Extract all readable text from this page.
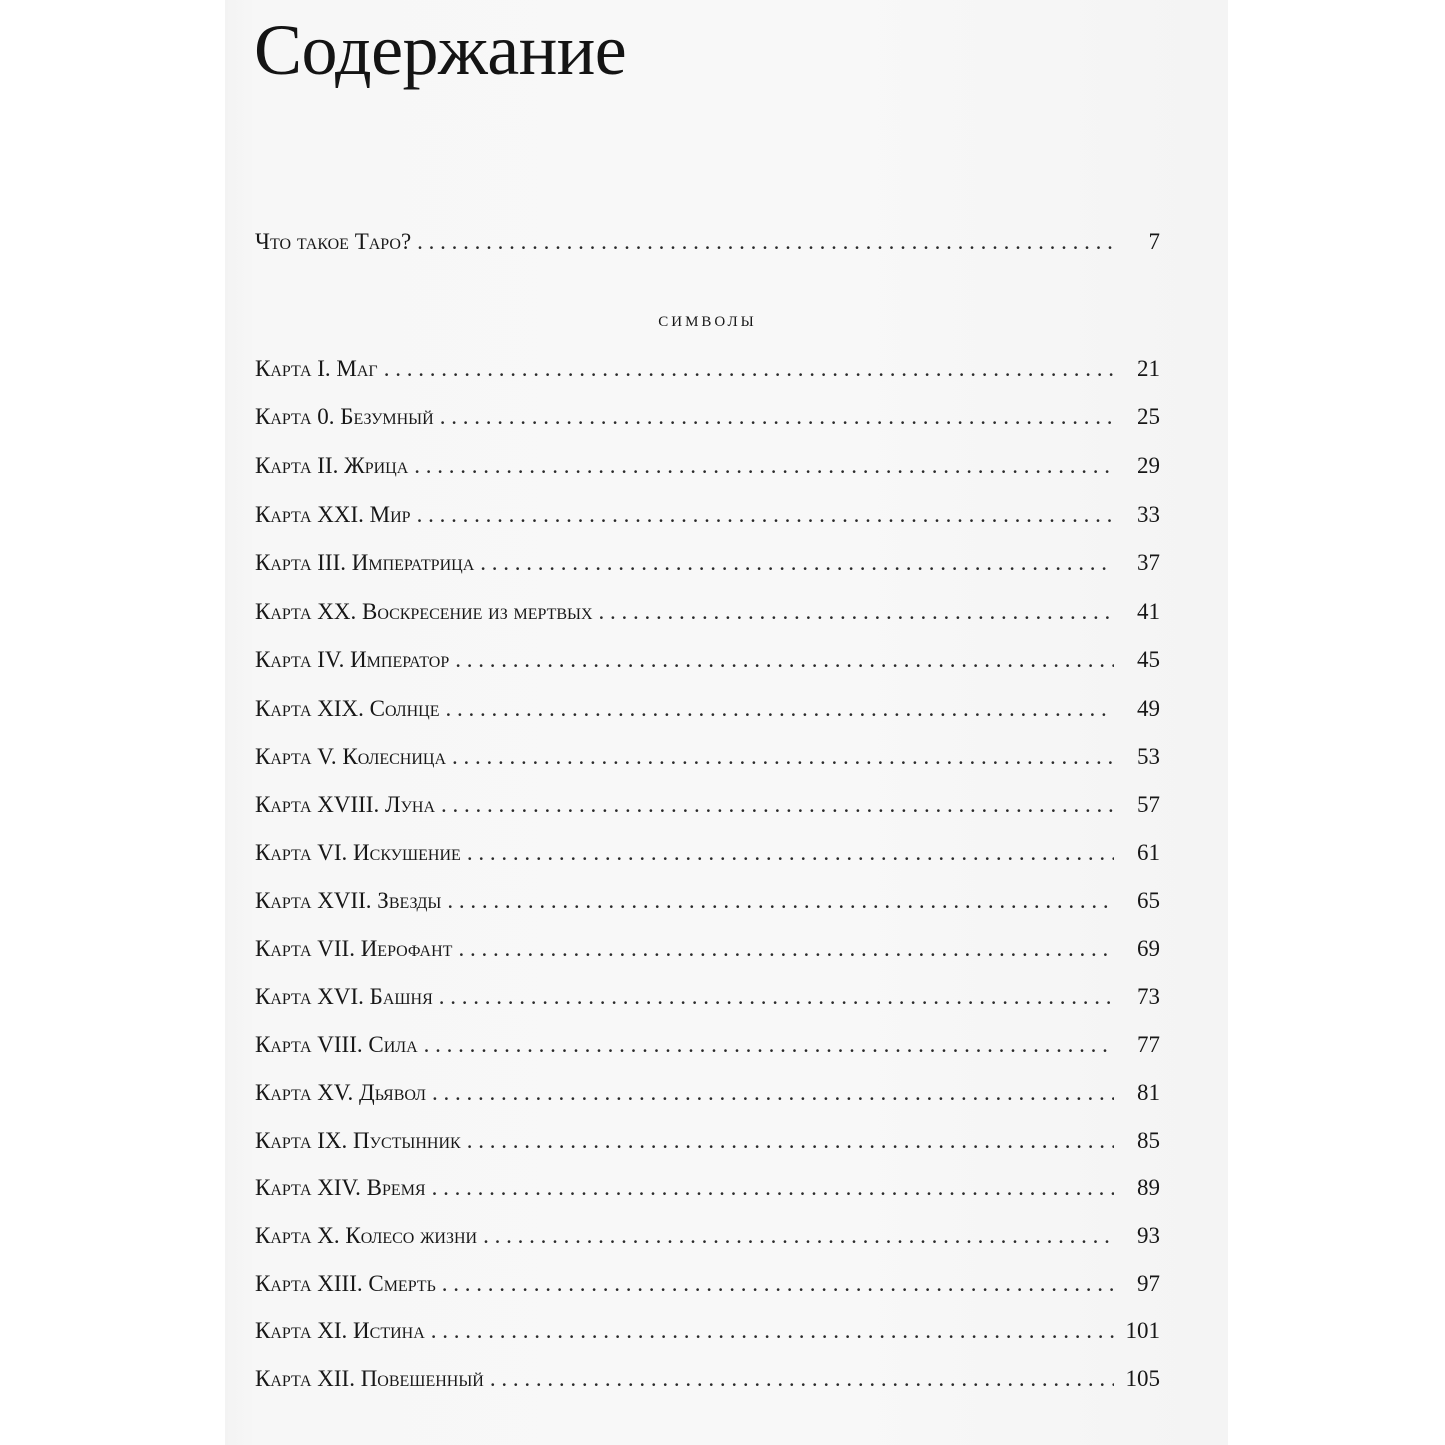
Содержание
Что такое Таро? . . .	7
символы
Карта I. Маг . . .	21
Карта 0. Безумный . . .	25
Карта II. Жрица . . .	29
Карта XXI. Мир . . .	33
Карта III. Императрица . . .	37
Карта XX. Воскресение из мертвых . . .	41
Карта IV. Император . . .	45
Карта XIX. Солнце . . .	49
Карта V. Колесница . . .	53
Карта XVIII. Луна . . .	57
Карта VI. Искушение . . .	61
Карта XVII. Звезды . . .	65
Карта VII. Иерофант . . .	69
Карта XVI. Башня . . .	73
Карта VIII. Сила . . .	77
Карта XV. Дьявол . . .	81
Карта IX. Пустынник . . .	85
Карта XIV. Время . . .	89
Карта X. Колесо жизни . . .	93
Карта XIII. Смерть . . .	97
Карта XI. Истина . . .	101
Карта XII. Повешенный . . .	105
